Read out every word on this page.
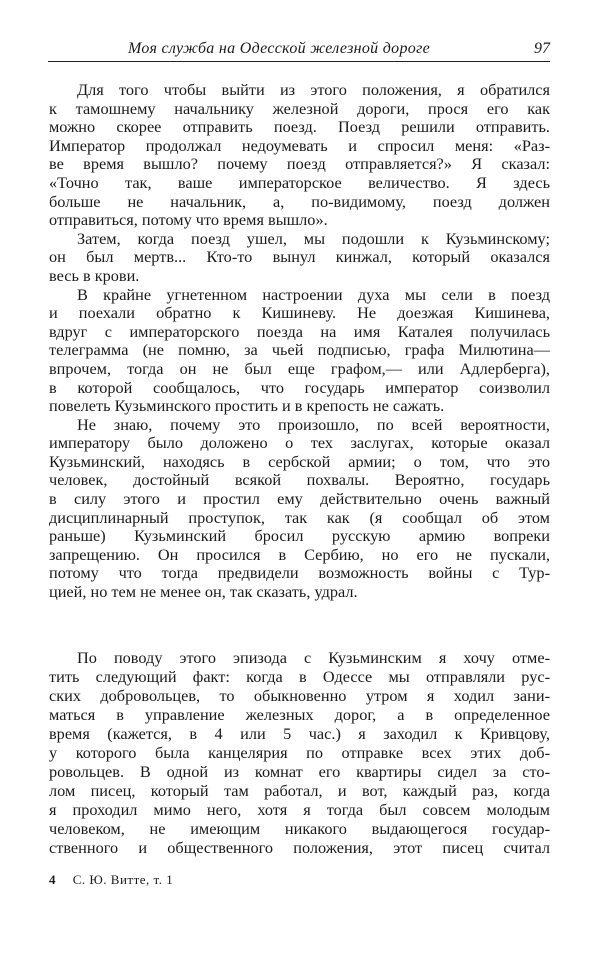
Моя служба на Одесской железной дороге	97
Для того чтобы выйти из этого положения, я обратился
к тамошнему начальнику железной дороги, прося его как
можно скорее отправить поезд. Поезд решили отправить.
Император продолжал недоумевать и спросил меня: «Раз-
ве время вышло? почему поезд отправляется?» Я сказал:
«Точно так, ваше императорское величество. Я здесь
больше не начальник, а, по-видимому, поезд должен
отправиться, потому что время вышло».
Затем, когда поезд ушел, мы подошли к Кузьминскому;
он был мертв... Кто-то вынул кинжал, который оказался
весь в крови.
В крайне угнетенном настроении духа мы сели в поезд
и поехали обратно к Кишиневу. Не доезжая Кишинева,
вдруг с императорского поезда на имя Каталея получилась
телеграмма (не помню, за чьей подписью, графа Милютина—
впрочем, тогда он не был еще графом,— или Адлерберга),
в которой сообщалось, что государь император соизволил
повелеть Кузьминского простить и в крепость не сажать.
Не знаю, почему это произошло, по всей вероятности,
императору было доложено о тех заслугах, которые оказал
Кузьминский, находясь в сербской армии; о том, что это
человек, достойный всякой похвалы. Вероятно, государь
в силу этого и простил ему действительно очень важный
дисциплинарный проступок, так как (я сообщал об этом
раньше) Кузьминский бросил русскую армию вопреки
запрещению. Он просился в Сербию, но его не пускали,
потому что тогда предвидели возможность войны с Тур-
цией, но тем не менее он, так сказать, удрал.
По поводу этого эпизода с Кузьминским я хочу отме-
тить следующий факт: когда в Одессе мы отправляли рус-
ских добровольцев, то обыкновенно утром я ходил зани-
маться в управление железных дорог, а в определенное
время (кажется, в 4 или 5 час.) я заходил к Кривцову,
у которого была канцелярия по отправке всех этих доб-
ровольцев. В одной из комнат его квартиры сидел за сто-
лом писец, который там работал, и вот, каждый раз, когда
я проходил мимо него, хотя я тогда был совсем молодым
человеком, не имеющим никакого выдающегося государ-
ственного и общественного положения, этот писец считал
4 С. Ю. Витте, т. 1
